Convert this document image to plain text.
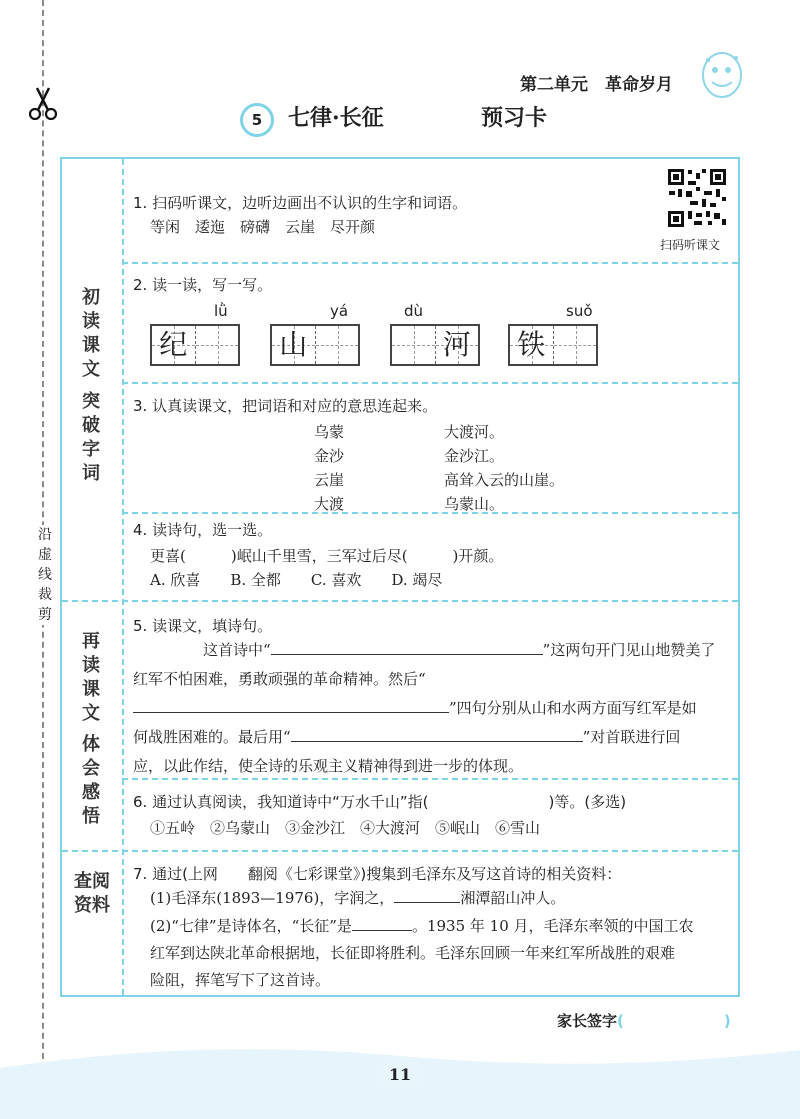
沿虚线裁剪
第二单元　革命岁月
5	七律·长征	预习卡
初读课文
突破字词
再读课文
体会感悟
查阅资料
1. 扫码听课文，边听边画出不认识的生字和词语。
等闲　逶迤　磅礴　云崖　尽开颜
扫码听课文
2. 读一读，写一写。
lǜ
纪
yá
山
dù
河
suǒ
铁
3. 认真读课文，把词语和对应的意思连起来。
乌蒙
金沙
云崖
大渡
大渡河。
金沙江。
高耸入云的山崖。
乌蒙山。
4. 读诗句，选一选。
更喜(　　　)岷山千里雪，三军过后尽(　　　)开颜。
A. 欣喜　　B. 全都　　C. 喜欢　　D. 竭尽
5. 读课文，填诗句。
这首诗中“	”这两句开门见山地赞美了
红军不怕困难，勇敢顽强的革命精神。然后“
”四句分别从山和水两方面写红军是如
何战胜困难的。最后用“	”对首联进行回
应，以此作结，使全诗的乐观主义精神得到进一步的体现。
6. 通过认真阅读，我知道诗中“万水千山”指(	)等。(多选)
①五岭　②乌蒙山　③金沙江　④大渡河　⑤岷山　⑥雪山
7. 通过(上网　　翻阅《七彩课堂》)搜集到毛泽东及写这首诗的相关资料：
(1)毛泽东(1893—1976)，字润之，	湘潭韶山冲人。
(2)“七律”是诗体名，“长征”是	。1935 年 10 月，毛泽东率领的中国工农
红军到达陕北革命根据地，长征即将胜利。毛泽东回顾一年来红军所战胜的艰难
险阻，挥笔写下了这首诗。
家长签字(	)
11
